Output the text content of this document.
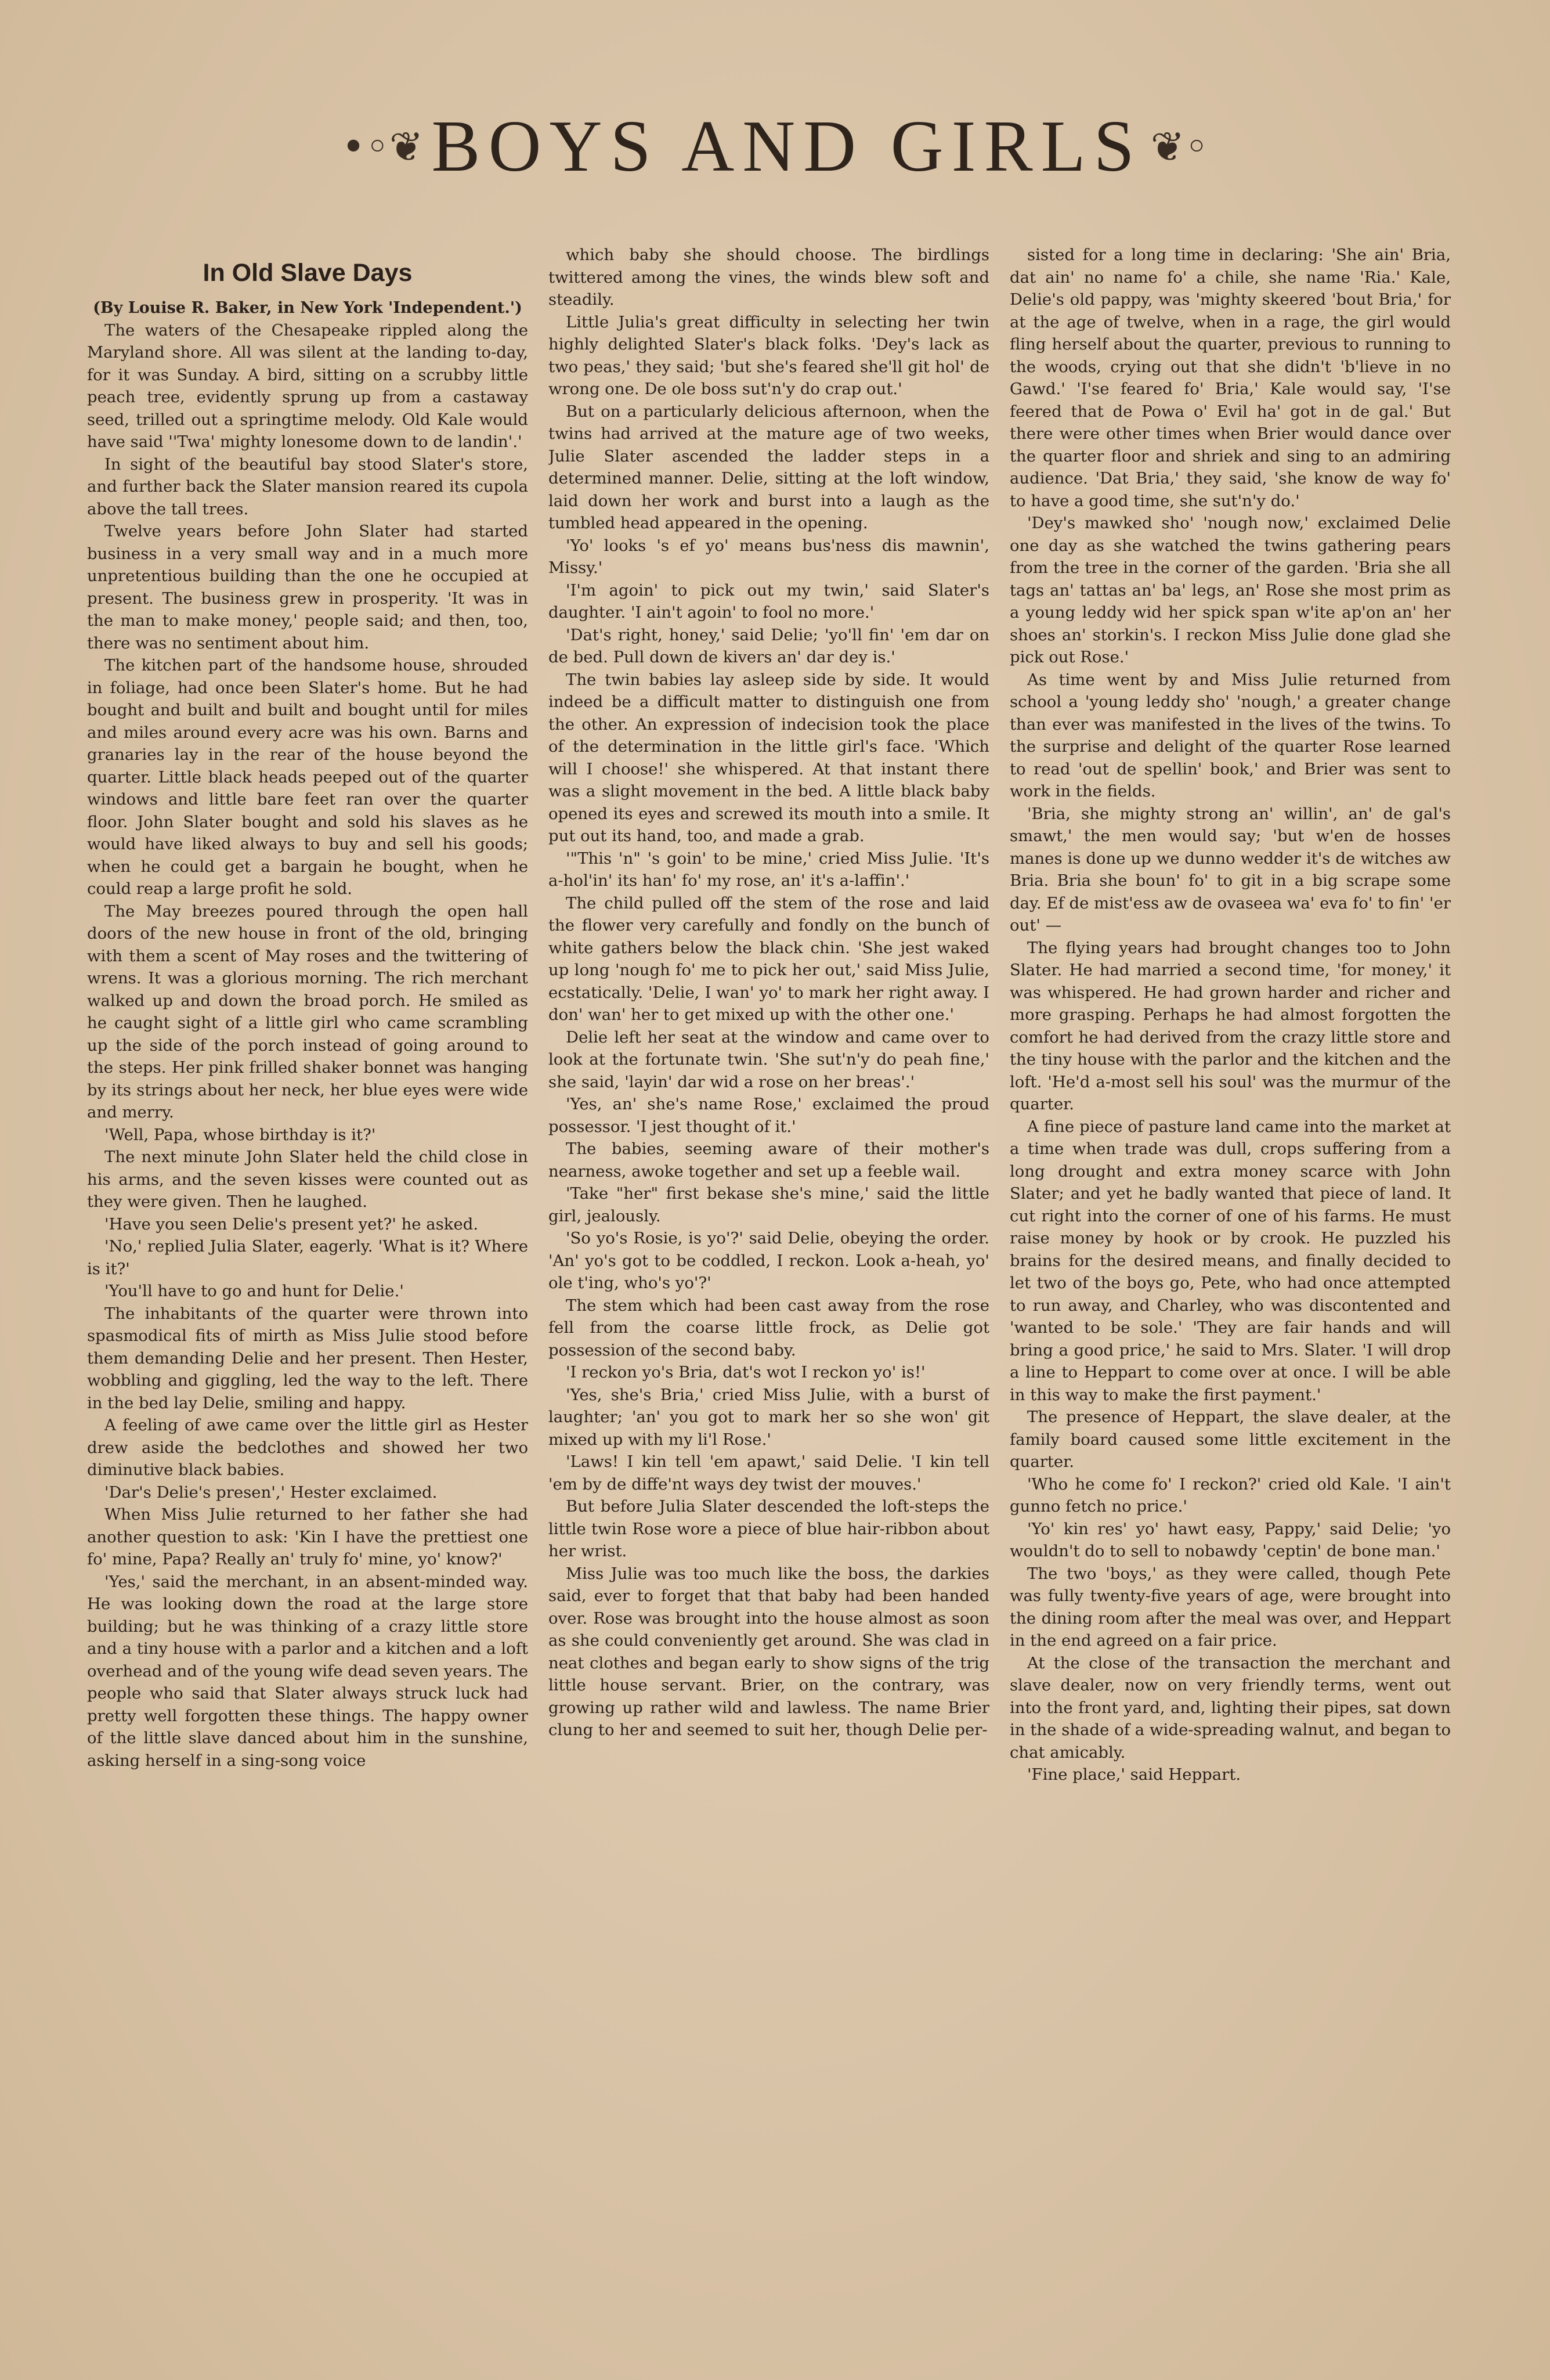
•◦❦ BOYS AND GIRLS ❦◦
In Old Slave Days

(By Louise R. Baker, in New York 'Independent.')

The waters of the Chesapeake rippled along the Maryland shore. All was silent at the landing to-day, for it was Sunday. A bird, sitting on a scrubby little peach tree, evidently sprung up from a castaway seed, trilled out a springtime melody. Old Kale would have said ''Twa' mighty lonesome down to de landin'.'

In sight of the beautiful bay stood Slater's store, and further back the Slater mansion reared its cupola above the tall trees.

Twelve years before John Slater had started business in a very small way and in a much more unpretentious building than the one he occupied at present. The business grew in prosperity. 'It was in the man to make money,' people said; and then, too, there was no sentiment about him.

The kitchen part of the handsome house, shrouded in foliage, had once been Slater's home. But he had bought and built and built and bought until for miles and miles around every acre was his own. Barns and granaries lay in the rear of the house beyond the quarter. Little black heads peeped out of the quarter windows and little bare feet ran over the quarter floor. John Slater bought and sold his slaves as he would have liked always to buy and sell his goods; when he could get a bargain he bought, when he could reap a large profit he sold.

The May breezes poured through the open hall doors of the new house in front of the old, bringing with them a scent of May roses and the twittering of wrens. It was a glorious morning. The rich merchant walked up and down the broad porch. He smiled as he caught sight of a little girl who came scrambling up the side of the porch instead of going around to the steps. Her pink frilled shaker bonnet was hanging by its strings about her neck, her blue eyes were wide and merry.

'Well, Papa, whose birthday is it?'

The next minute John Slater held the child close in his arms, and the seven kisses were counted out as they were given. Then he laughed.

'Have you seen Delie's present yet?' he asked.

'No,' replied Julia Slater, eagerly. 'What is it? Where is it?'

'You'll have to go and hunt for Delie.'

The inhabitants of the quarter were thrown into spasmodical fits of mirth as Miss Julie stood before them demanding Delie and her present. Then Hester, wobbling and giggling, led the way to the left. There in the bed lay Delie, smiling and happy.

A feeling of awe came over the little girl as Hester drew aside the bedclothes and showed her two diminutive black babies.

'Dar's Delie's presen',' Hester exclaimed.

When Miss Julie returned to her father she had another question to ask: 'Kin I have the prettiest one fo' mine, Papa? Really an' truly fo' mine, yo' know?'

'Yes,' said the merchant, in an absent-minded way. He was looking down the road at the large store building; but he was thinking of a crazy little store and a tiny house with a parlor and a kitchen and a loft overhead and of the young wife dead seven years. The people who said that Slater always struck luck had pretty well forgotten these things. The happy owner of the little slave danced about him in the sunshine, asking herself in a sing-song voice

which baby she should choose. The birdlings twittered among the vines, the winds blew soft and steadily.

Little Julia's great difficulty in selecting her twin highly delighted Slater's black folks. 'Dey's lack as two peas,' they said; 'but she's feared she'll git hol' de wrong one. De ole boss sut'n'y do crap out.'

But on a particularly delicious afternoon, when the twins had arrived at the mature age of two weeks, Julie Slater ascended the ladder steps in a determined manner. Delie, sitting at the loft window, laid down her work and burst into a laugh as the tumbled head appeared in the opening.

'Yo' looks 's ef yo' means bus'ness dis mawnin', Missy.'

'I'm agoin' to pick out my twin,' said Slater's daughter. 'I ain't agoin' to fool no more.'

'Dat's right, honey,' said Delie; 'yo'll fin' 'em dar on de bed. Pull down de kivers an' dar dey is.'

The twin babies lay asleep side by side. It would indeed be a difficult matter to distinguish one from the other. An expression of indecision took the place of the determination in the little girl's face. 'Which will I choose!' she whispered. At that instant there was a slight movement in the bed. A little black baby opened its eyes and screwed its mouth into a smile. It put out its hand, too, and made a grab.

'"This 'n" 's goin' to be mine,' cried Miss Julie. 'It's a-hol'in' its han' fo' my rose, an' it's a-laffin'.'

The child pulled off the stem of the rose and laid the flower very carefully and fondly on the bunch of white gathers below the black chin. 'She jest waked up long 'nough fo' me to pick her out,' said Miss Julie, ecstatically. 'Delie, I wan' yo' to mark her right away. I don' wan' her to get mixed up with the other one.'

Delie left her seat at the window and came over to look at the fortunate twin. 'She sut'n'y do peah fine,' she said, 'layin' dar wid a rose on her breas'.'

'Yes, an' she's name Rose,' exclaimed the proud possessor. 'I jest thought of it.'

The babies, seeming aware of their mother's nearness, awoke together and set up a feeble wail.

'Take "her" first bekase she's mine,' said the little girl, jealously.

'So yo's Rosie, is yo'?' said Delie, obeying the order. 'An' yo's got to be coddled, I reckon. Look a-heah, yo' ole t'ing, who's yo'?'

The stem which had been cast away from the rose fell from the coarse little frock, as Delie got possession of the second baby.

'I reckon yo's Bria, dat's wot I reckon yo' is!'

'Yes, she's Bria,' cried Miss Julie, with a burst of laughter; 'an' you got to mark her so she won' git mixed up with my li'l Rose.'

'Laws! I kin tell 'em apawt,' said Delie. 'I kin tell 'em by de diffe'nt ways dey twist der mouves.'

But before Julia Slater descended the loft-steps the little twin Rose wore a piece of blue hair-ribbon about her wrist.

Miss Julie was too much like the boss, the darkies said, ever to forget that that baby had been handed over. Rose was brought into the house almost as soon as she could conveniently get around. She was clad in neat clothes and began early to show signs of the trig little house servant. Brier, on the contrary, was growing up rather wild and lawless. The name Brier clung to her and seemed to suit her, though Delie per-

sisted for a long time in declaring: 'She ain' Bria, dat ain' no name fo' a chile, she name 'Ria.' Kale, Delie's old pappy, was 'mighty skeered 'bout Bria,' for at the age of twelve, when in a rage, the girl would fling herself about the quarter, previous to running to the woods, crying out that she didn't 'b'lieve in no Gawd.' 'I'se feared fo' Bria,' Kale would say, 'I'se feered that de Powa o' Evil ha' got in de gal.' But there were other times when Brier would dance over the quarter floor and shriek and sing to an admiring audience. 'Dat Bria,' they said, 'she know de way fo' to have a good time, she sut'n'y do.'

'Dey's mawked sho' 'nough now,' exclaimed Delie one day as she watched the twins gathering pears from the tree in the corner of the garden. 'Bria she all tags an' tattas an' ba' legs, an' Rose she most prim as a young leddy wid her spick span w'ite ap'on an' her shoes an' storkin's. I reckon Miss Julie done glad she pick out Rose.'

As time went by and Miss Julie returned from school a 'young leddy sho' 'nough,' a greater change than ever was manifested in the lives of the twins. To the surprise and delight of the quarter Rose learned to read 'out de spellin' book,' and Brier was sent to work in the fields.

'Bria, she mighty strong an' willin', an' de gal's smawt,' the men would say; 'but w'en de hosses manes is done up we dunno wedder it's de witches aw Bria. Bria she boun' fo' to git in a big scrape some day. Ef de mist'ess aw de ovaseea wa' eva fo' to fin' 'er out' —

The flying years had brought changes too to John Slater. He had married a second time, 'for money,' it was whispered. He had grown harder and richer and more grasping. Perhaps he had almost forgotten the comfort he had derived from the crazy little store and the tiny house with the parlor and the kitchen and the loft. 'He'd a-most sell his soul' was the murmur of the quarter.

A fine piece of pasture land came into the market at a time when trade was dull, crops suffering from a long drought and extra money scarce with John Slater; and yet he badly wanted that piece of land. It cut right into the corner of one of his farms. He must raise money by hook or by crook. He puzzled his brains for the desired means, and finally decided to let two of the boys go, Pete, who had once attempted to run away, and Charley, who was discontented and 'wanted to be sole.' 'They are fair hands and will bring a good price,' he said to Mrs. Slater. 'I will drop a line to Heppart to come over at once. I will be able in this way to make the first payment.'

The presence of Heppart, the slave dealer, at the family board caused some little excitement in the quarter.

'Who he come fo' I reckon?' cried old Kale. 'I ain't gunno fetch no price.'

'Yo' kin res' yo' hawt easy, Pappy,' said Delie; 'yo wouldn't do to sell to nobawdy 'ceptin' de bone man.'

The two 'boys,' as they were called, though Pete was fully twenty-five years of age, were brought into the dining room after the meal was over, and Heppart in the end agreed on a fair price.

At the close of the transaction the merchant and slave dealer, now on very friendly terms, went out into the front yard, and, lighting their pipes, sat down in the shade of a wide-spreading walnut, and began to chat amicably.

'Fine place,' said Heppart.
